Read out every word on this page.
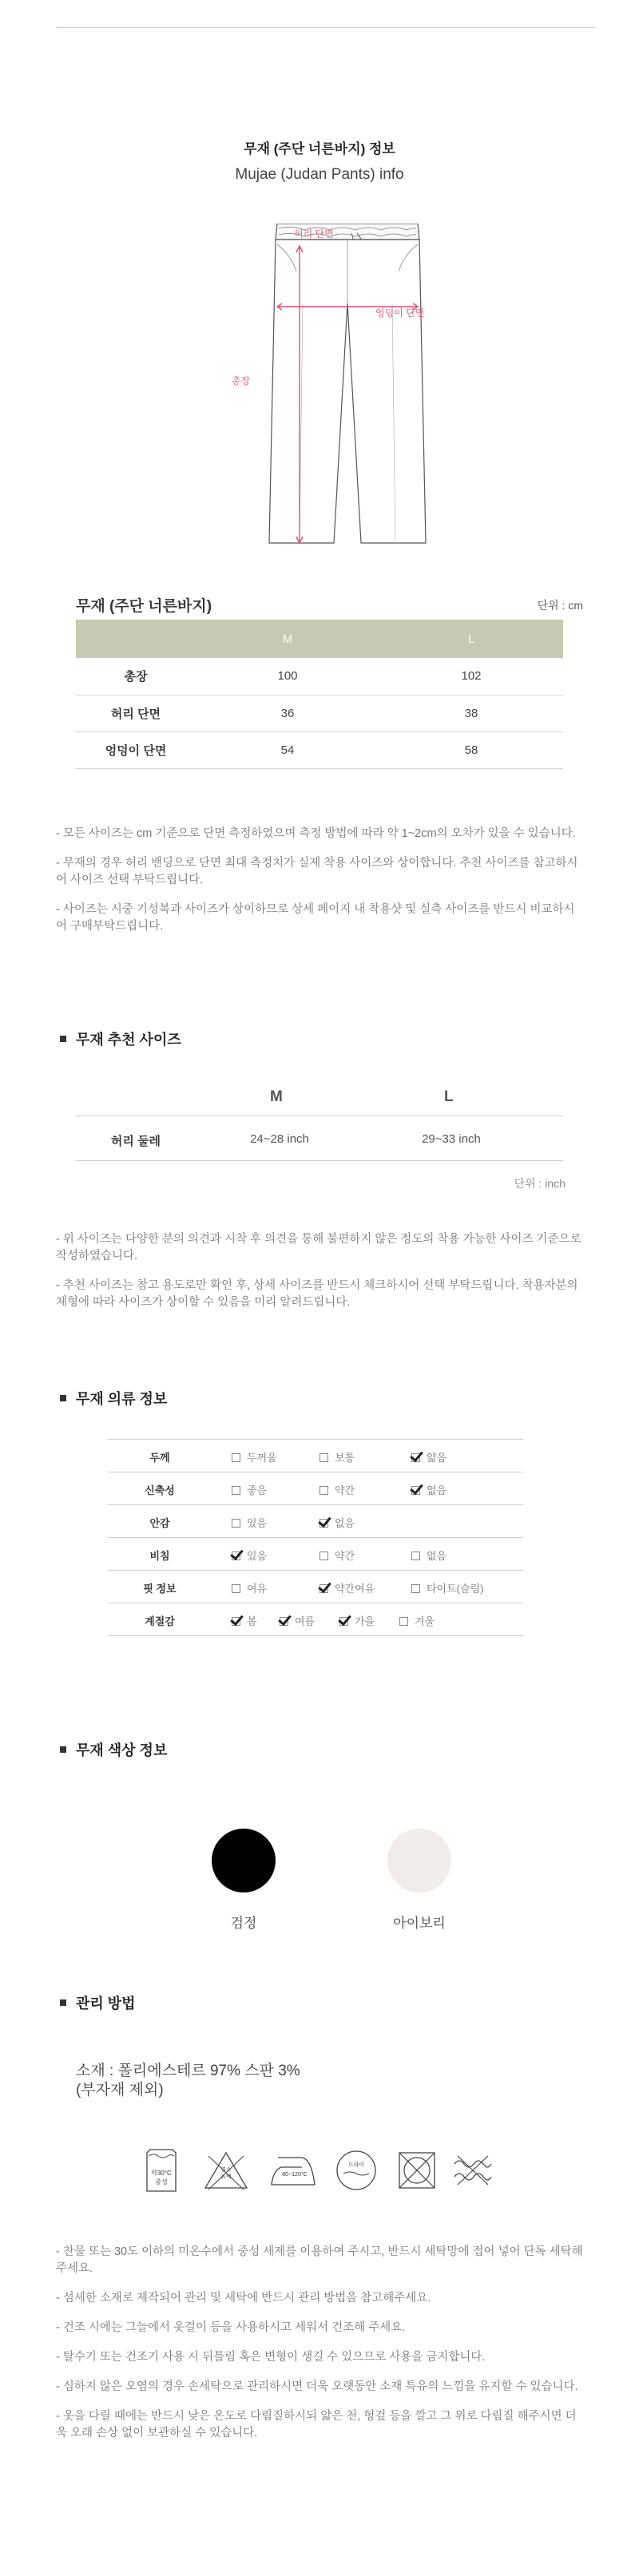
무재 (주단 너른바지) 정보
Mujae (Judan Pants) info
허리 단면
엉덩이 단면
총장
무재 (주단 너른바지)	단위 : cm
	M	L
총장	100	102
허리 단면	36	38
엉덩이 단면	54	58

- 모든 사이즈는 cm 기준으로 단면 측정하였으며 측정 방법에 따라 약 1~2cm의 오차가 있을 수 있습니다.

- 무재의 경우 허리 밴딩으로 단면 최대 측정치가 실제 착용 사이즈와 상이합니다. 추천 사이즈를 참고하시어 사이즈 선택 부탁드립니다.

- 사이즈는 시중 기성복과 사이즈가 상이하므로 상세 페이지 내 착용샷 및 실측 사이즈를 반드시 비교하시어 구매부탁드립니다.

무재 추천 사이즈
M	L
허리 둘레	24~28 inch	29~33 inch
단위 : inch

- 위 사이즈는 다양한 분의 의견과 시착 후 의견을 통해 불편하지 않은 정도의 착용 가능한 사이즈 기준으로 작성하였습니다.

- 추천 사이즈는 참고 용도로만 확인 후, 상세 사이즈를 반드시 체크하시어 선택 부탁드립니다. 착용자분의 체형에 따라 사이즈가 상이할 수 있음을 미리 알려드립니다.

무재 의류 정보
두께	두꺼움	보통	얇음
신축성	좋음	약간	없음
안감	있음	없음
비침	있음	약간	없음
핏 정보	여유	약간여유	타이트(슬림)
계절감	봄	여름	가을	겨울
무재 색상 정보
검정	아이보리
관리 방법
소재 : 폴리에스테르 97% 스판 3%
(부자재 제외)
약30°C
중성
염소
표백	80~120°C
드라이

- 찬물 또는 30도 이하의 미온수에서 중성 세제를 이용하여 주시고, 반드시 세탁망에 접어 넣어 단독 세탁해 주세요.

- 섬세한 소재로 제작되어 관리 및 세탁에 반드시 관리 방법을 참고해주세요.

- 건조 시에는 그늘에서 옷걸이 등을 사용하시고 세워서 건조해 주세요.

- 탈수기 또는 건조기 사용 시 뒤틀림 혹은 변형이 생길 수 있으므로 사용을 금지합니다.

- 심하지 않은 오염의 경우 손세탁으로 관리하시면 더욱 오랫동안 소재 특유의 느낌을 유지할 수 있습니다.

- 옷을 다릴 때에는 반드시 낮은 온도로 다림질하시되 얇은 천, 헝겊 등을 깔고 그 위로 다림질 해주시면 더욱 오래 손상 없이 보관하실 수 있습니다.
